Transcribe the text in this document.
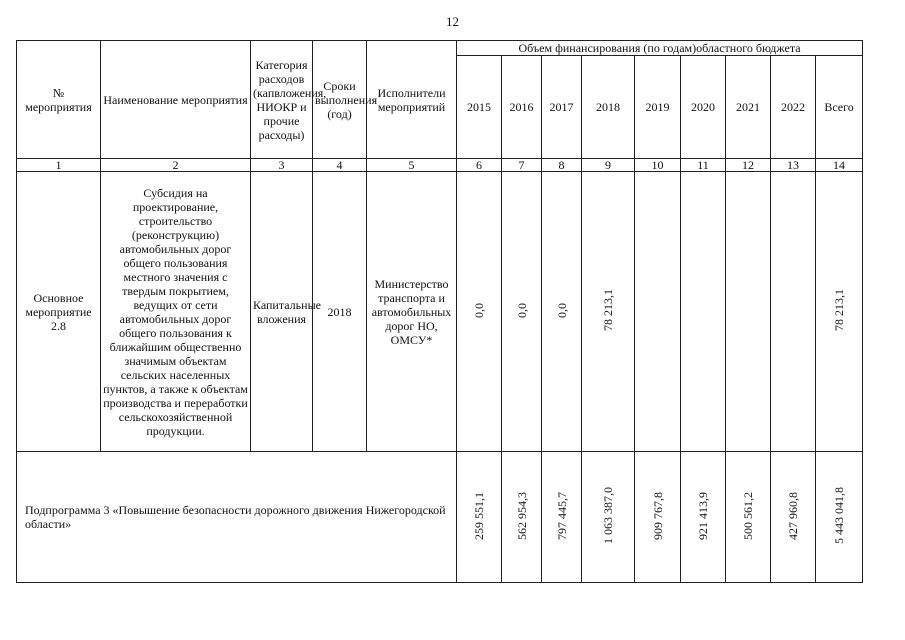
12
№ мероприятия	Наименование мероприятия	Категория расходов (капвложения, НИОКР и прочие расходы)	Сроки выполнения (год)	Исполнители мероприятий	Объем финансирования (по годам)областного бюджета								
					2015	2016	2017	2018	2019	2020	2021	2022	Всего
1	2	3	4	5	6	7	8	9	10	11	12	13	14
Основное мероприятие 2.8	Субсидия на проектирование, строительство (реконструкцию) автомобильных дорог общего пользования местного значения с твердым покрытием, ведущих от сети автомобильных дорог общего пользования к ближайшим общественно значимым объектам сельских населенных пунктов, а также к объектам производства и переработки сельскохозяйственной продукции.	Капитальные вложения	2018	Министерство транспорта и автомобильных дорог НО, ОМСУ*	0,0	0,0	0,0	78 213,1					78 213,1
Подпрограмма 3 «Повышение безопасности дорожного движения Нижегородской области»					259 551,1	562 954,3	797 445,7	1 063 387,0	909 767,8	921 413,9	500 561,2	427 960,8	5 443 041,8
